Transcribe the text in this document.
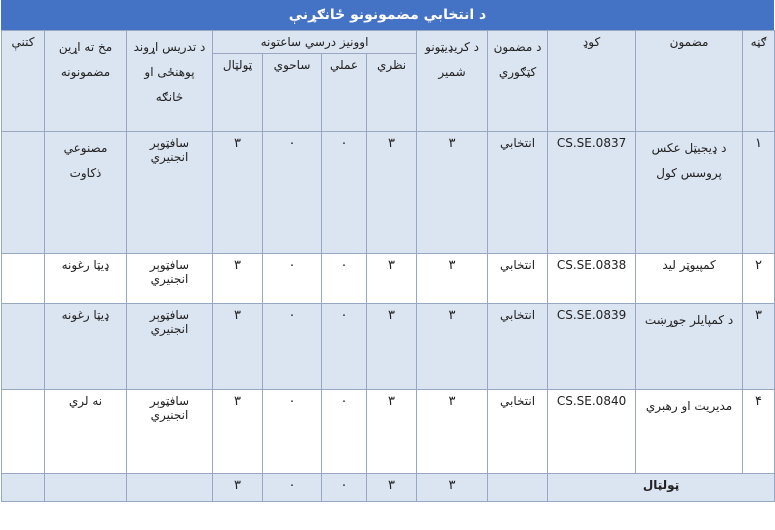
د انتخابي مضمونونو ځانګړنې
ګڼه	مضمون	کوډ	د مضمون کټګوري	د کریډیټونو شمیر	اوونیز درسي ساعتونه				د تدریس اړوند پوهنځی او څانګه	مخ ته اړين مضمونونه	کتنې
					نظري	عملي	ساحوي	ټولټال			
۱	د ډیجیټل عکس پروسس کول	CS.SE.0837	انتخابي	۳	۳	۰	۰	۳	سافټوېر انجنيري	مصنوعي ذکاوت	
۲	کمپیوټر لید	CS.SE.0838	انتخابي	۳	۳	۰	۰	۳	سافټوېر انجنيري	ډیټا رغونه	
۳	د کمپایلر جوړښت	CS.SE.0839	انتخابي	۳	۳	۰	۰	۳	سافټوېر انجنيري	ډیټا رغونه	
۴	مدیریت او رهبري	CS.SE.0840	انتخابي	۳	۳	۰	۰	۳	سافټوېر انجنيري	نه لري	
ټولټال				۳	۳	۰	۰	۳			
